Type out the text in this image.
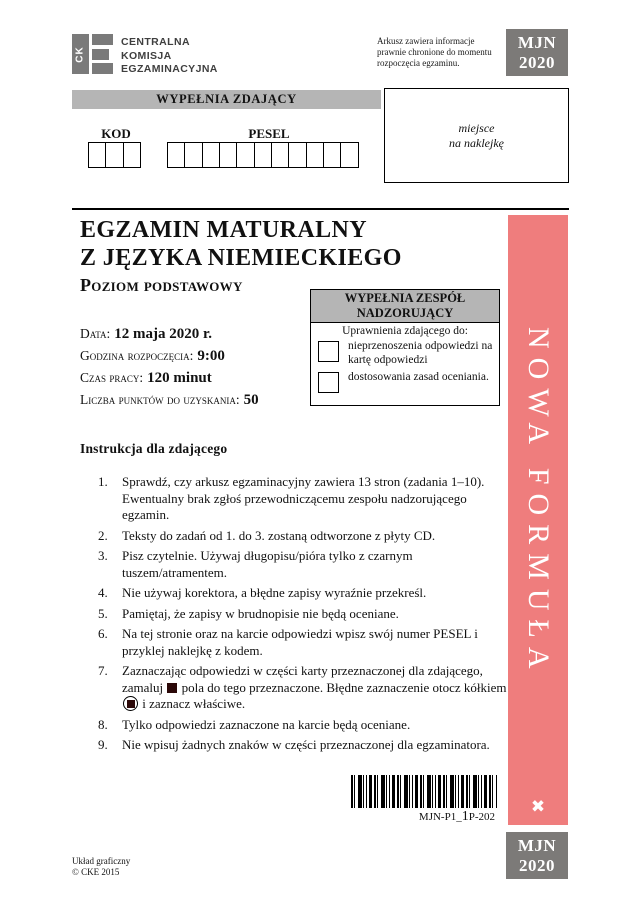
CK
CENTRALNA
KOMISJA
EGZAMINACYJNA
Arkusz zawiera informacje prawnie chronione do momentu rozpoczęcia egzaminu.
MJN
2020
WYPEŁNIA ZDAJĄCY
KOD	PESEL	miejsce
na naklejkę
EGZAMIN MATURALNY
Z JĘZYKA NIEMIECKIEGO
Poziom podstawowy
Data: 12 maja 2020 r.
Godzina rozpoczęcia: 9:00
Czas pracy: 120 minut
Liczba punktów do uzyskania: 50
WYPEŁNIA ZESPÓŁ
NADZORUJĄCY
Uprawnienia zdającego do:
nieprzenoszenia odpowiedzi na kartę odpowiedzi
dostosowania zasad oceniania.
Instrukcja dla zdającego
Sprawdź, czy arkusz egzaminacyjny zawiera 13 stron (zadania 1–10). Ewentualny brak zgłoś przewodniczącemu zespołu nadzorującego egzamin.
Teksty do zadań od 1. do 3. zostaną odtworzone z płyty CD.
Pisz czytelnie. Używaj długopisu/pióra tylko z czarnym tuszem/atramentem.
Nie używaj korektora, a błędne zapisy wyraźnie przekreśl.
Pamiętaj, że zapisy w brudnopisie nie będą oceniane.
Na tej stronie oraz na karcie odpowiedzi wpisz swój numer PESEL i przyklej naklejkę z kodem.
Zaznaczając odpowiedzi w części karty przeznaczonej dla zdającego, zamaluj pola do tego przeznaczone. Błędne zaznaczenie otocz kółkiem
i zaznacz właściwe.
Tylko odpowiedzi zaznaczone na karcie będą oceniane.
Nie wpisuj żadnych znaków w części przeznaczonej dla egzaminatora.
MJN-P1_1P-202
Układ graficzny
© CKE 2015
NOWA FORMUŁA
✖
MJN
2020
